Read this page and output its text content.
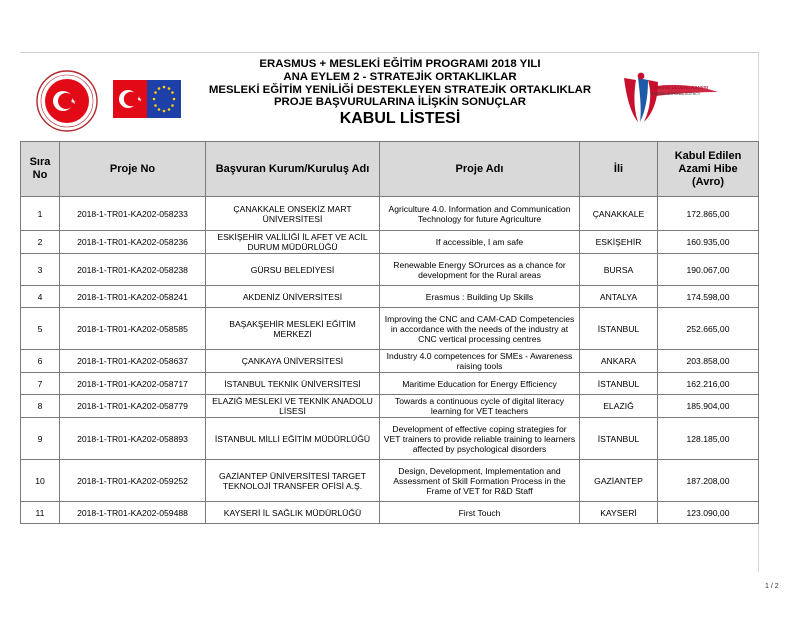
ERASMUS + MESLEKİ EĞİTİM PROGRAMI 2018 YILI
ANA EYLEM 2 - STRATEJİK ORTAKLIKLAR
MESLEKİ EĞİTİM YENİLİĞİ DESTEKLEYEN STRATEJİK ORTAKLIKLAR
PROJE BAŞVURULARINA İLİŞKİN SONUÇLAR
KABUL LİSTESİ
TÜRKİYE ULUSAL AJANSI
TURKISH NATIONAL AGENCY
Sıra
No	Proje No	Başvuran Kurum/Kuruluş Adı	Proje Adı	İli	Kabul Edilen Azami Hibe (Avro)
1	2018-1-TR01-KA202-058233	ÇANAKKALE ONSEKİZ MART ÜNİVERSİTESİ	Agriculture 4.0. Information and Communication Technology for future Agriculture	ÇANAKKALE	172.865,00
2	2018-1-TR01-KA202-058236	ESKİŞEHİR VALİLİĞİ İL AFET VE ACİL DURUM MÜDÜRLÜĞÜ	If accessible, I am safe	ESKİŞEHİR	160.935,00
3	2018-1-TR01-KA202-058238	GÜRSU BELEDİYESİ	Renewable Energy SOrurces as a chance for development for the Rural areas	BURSA	190.067,00
4	2018-1-TR01-KA202-058241	AKDENİZ ÜNİVERSİTESİ	Erasmus : Building Up Skills	ANTALYA	174.598,00
5	2018-1-TR01-KA202-058585	BAŞAKŞEHİR MESLEKİ EĞİTİM MERKEZİ	Improving the CNC and CAM-CAD Competencies in accordance with the needs of the industry at CNC vertical processing centres	İSTANBUL	252.665,00
6	2018-1-TR01-KA202-058637	ÇANKAYA ÜNİVERSİTESİ	Industry 4.0 competences for SMEs - Awareness raising tools	ANKARA	203.858,00
7	2018-1-TR01-KA202-058717	İSTANBUL TEKNİK ÜNİVERSİTESİ	Maritime Education for Energy Efficiency	İSTANBUL	162.216,00
8	2018-1-TR01-KA202-058779	ELAZIĞ MESLEKİ VE TEKNİK ANADOLU LİSESİ	Towards a continuous cycle of digital literacy learning for VET teachers	ELAZIĞ	185.904,00
9	2018-1-TR01-KA202-058893	İSTANBUL MİLLİ EĞİTİM MÜDÜRLÜĞÜ	Development of effective coping strategies for VET trainers to provide reliable training to learners affected by psychological disorders	İSTANBUL	128.185,00
10	2018-1-TR01-KA202-059252	GAZİANTEP ÜNİVERSİTESİ TARGET TEKNOLOJİ TRANSFER OFİSİ A.Ş.	Design, Development, Implementation and Assessment of Skill Formation Process in the Frame of VET for R&D Staff	GAZİANTEP	187.208,00
11	2018-1-TR01-KA202-059488	KAYSERİ İL SAĞLIK MÜDÜRLÜĞÜ	First Touch	KAYSERİ	123.090,00
1 / 2
